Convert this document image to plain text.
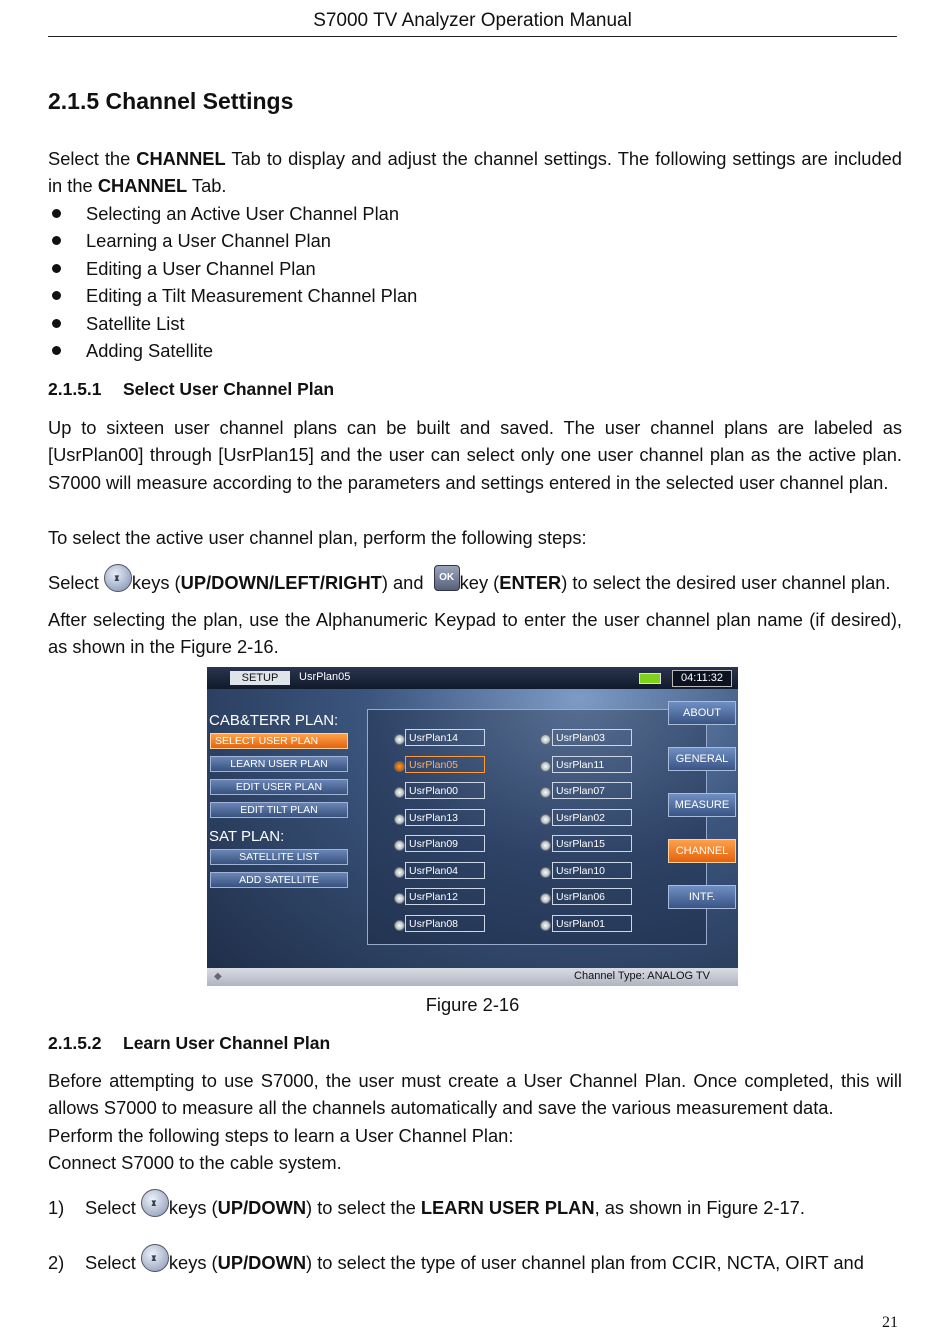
S7000 TV Analyzer Operation Manual
2.1.5 Channel Settings
Select the CHANNEL Tab to display and adjust the channel settings. The following settings are included in the CHANNEL Tab.
Selecting an Active User Channel Plan
Learning a User Channel Plan
Editing a User Channel Plan
Editing a Tilt Measurement Channel Plan
Satellite List
Adding Satellite
2.1.5.1 Select User Channel Plan
Up to sixteen user channel plans can be built and saved. The user channel plans are labeled as [UsrPlan00] through [UsrPlan15] and the user can select only one user channel plan as the active plan. S7000 will measure according to the parameters and settings entered in the selected user channel plan.
To select the active user channel plan, perform the following steps:
Select ▲ ▼keys (UP/DOWN/LEFT/RIGHT) and  OK key (ENTER) to select the desired user channel plan.
After selecting the plan, use the Alphanumeric Keypad to enter the user channel plan name (if desired), as shown in the Figure 2-16.
SETUP	UsrPlan05	04:11:32
CAB&TERR PLAN:
SELECT USER PLAN
LEARN USER PLAN
EDIT USER PLAN
EDIT TILT PLAN
SAT PLAN:
SATELLITE LIST
ADD SATELLITE
UsrPlan14
UsrPlan05
UsrPlan00
UsrPlan13
UsrPlan09
UsrPlan04
UsrPlan12
UsrPlan08
UsrPlan03
UsrPlan11
UsrPlan07
UsrPlan02
UsrPlan15
UsrPlan10
UsrPlan06
UsrPlan01
ABOUT
GENERAL
MEASURE
CHANNEL
INTF.
◆	Channel Type: ANALOG TV
Figure 2-16
2.1.5.2 Learn User Channel Plan
Before attempting to use S7000, the user must create a User Channel Plan. Once completed, this will allows S7000 to measure all the channels automatically and save the various measurement data.
Perform the following steps to learn a User Channel Plan:
Connect S7000 to the cable system.
1) Select ▲ ▼keys (UP/DOWN) to select the LEARN USER PLAN, as shown in Figure 2-17.
2) Select ▲ ▼keys (UP/DOWN) to select the type of user channel plan from CCIR, NCTA, OIRT and
21
